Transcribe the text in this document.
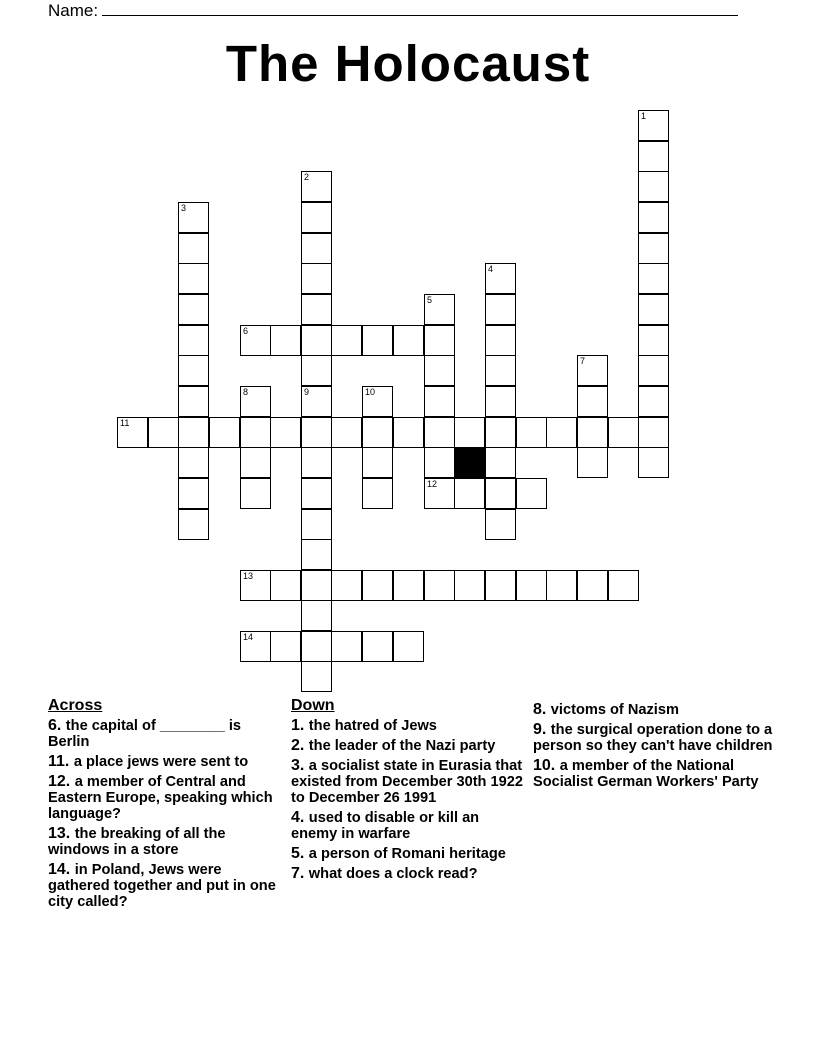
Name:
The Holocaust
1
2
3
4
5
6
7
8	9	10
11
12
13
14
Across
6. the capital of ________ is Berlin
11. a place jews were sent to
12. a member of Central and Eastern Europe, speaking which language?
13. the breaking of all the windows in a store
14. in Poland, Jews were gathered together and put in one city called?
Down
1. the hatred of Jews
2. the leader of the Nazi party
3. a socialist state in Eurasia that existed from December 30th 1922 to December 26 1991
4. used to disable or kill an enemy in warfare
5. a person of Romani heritage
7. what does a clock read?
8. victoms of Nazism
9. the surgical operation done to a person so they can't have children
10. a member of the National Socialist German Workers' Party
